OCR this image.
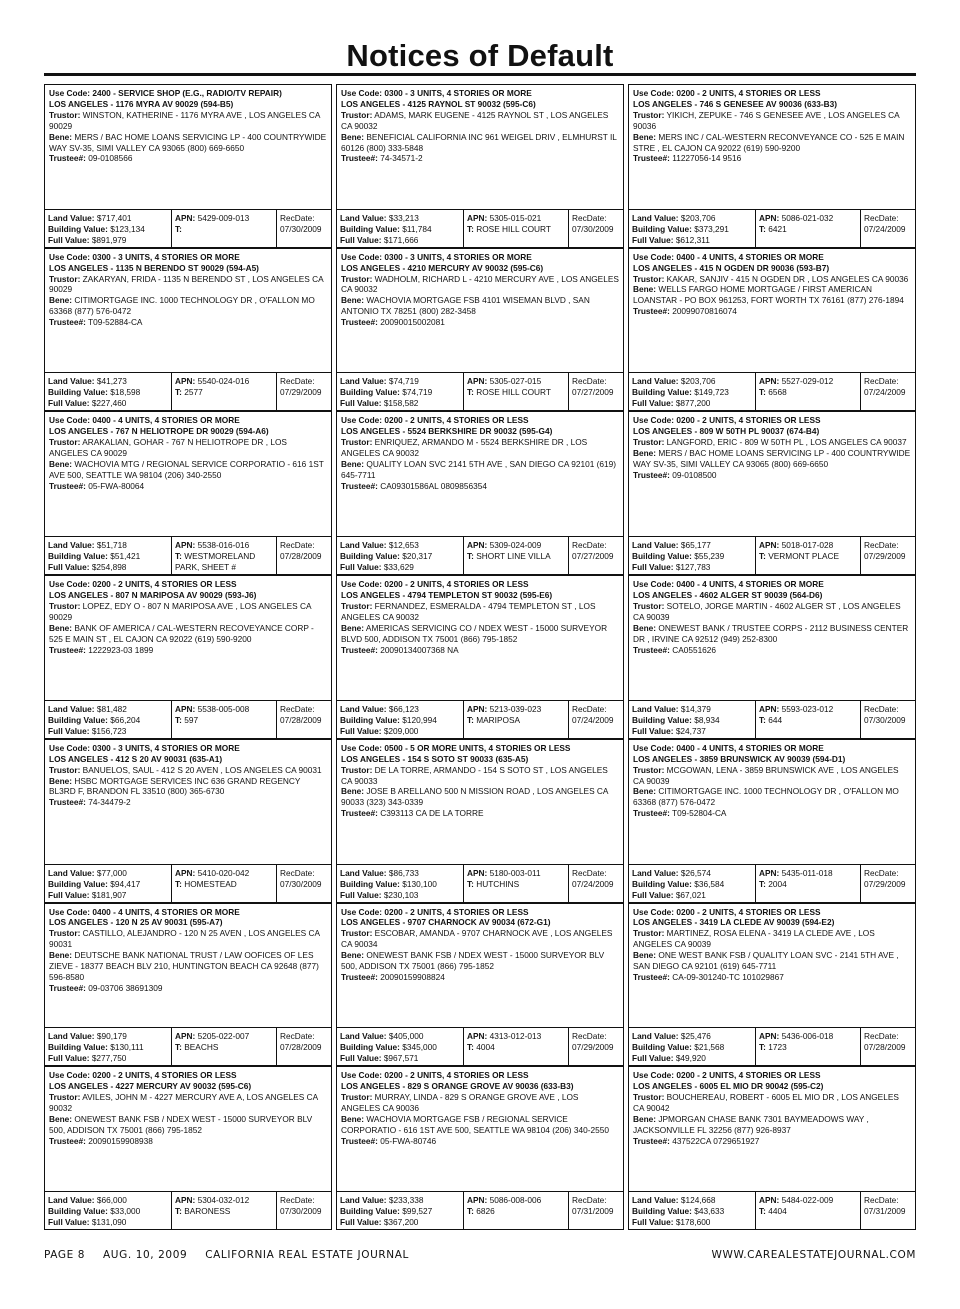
Notices of Default
Use Code: 2400 - SERVICE SHOP (E.G., RADIO/TV REPAIR)
LOS ANGELES - 1176 MYRA AV 90029 (594-B5)
Trustor: WINSTON, KATHERINE - 1176 MYRA AVE , LOS ANGELES CA 90029
Bene: MERS / BAC HOME LOANS SERVICING LP - 400 COUNTRYWIDE WAY SV-35, SIMI VALLEY CA 93065 (800) 669-6650
Trustee#: 09-0108566
Land Value: $717,401
Building Value: $123,134
Full Value: $891,979
APN: 5429-009-013
T:
RecDate:
07/30/2009
Use Code: 0300 - 3 UNITS, 4 STORIES OR MORE
LOS ANGELES - 4125 RAYNOL ST 90032 (595-C6)
Trustor: ADAMS, MARK EUGENE - 4125 RAYNOL ST , LOS ANGELES CA 90032
Bene: BENEFICIAL CALIFORNIA INC 961 WEIGEL DRIV , ELMHURST IL 60126 (800) 333-5848
Trustee#: 74-34571-2
Land Value: $33,213
Building Value: $11,784
Full Value: $171,666
APN: 5305-015-021
T: ROSE HILL COURT
RecDate:
07/30/2009
Use Code: 0200 - 2 UNITS, 4 STORIES OR LESS
LOS ANGELES - 746 S GENESEE AV 90036 (633-B3)
Trustor: YIKICH, ZEPUKE - 746 S GENESEE AVE , LOS ANGELES CA 90036
Bene: MERS INC / CAL-WESTERN RECONVEYANCE CO - 525 E MAIN STRE , EL CAJON CA 92022 (619) 590-9200
Trustee#: 11227056-14 9516
Land Value: $203,706
Building Value: $373,291
Full Value: $612,311
APN: 5086-021-032
T: 6421
RecDate:
07/24/2009
Use Code: 0300 - 3 UNITS, 4 STORIES OR MORE
LOS ANGELES - 1135 N BERENDO ST 90029 (594-A5)
Trustor: ZAKARYAN, FRIDA - 1135 N BERENDO ST , LOS ANGELES CA 90029
Bene: CITIMORTGAGE INC. 1000 TECHNOLOGY DR , O'FALLON MO 63368 (877) 576-0472
Trustee#: T09-52884-CA
Land Value: $41,273
Building Value: $18,598
Full Value: $227,460
APN: 5540-024-016
T: 2577
RecDate:
07/29/2009
Use Code: 0300 - 3 UNITS, 4 STORIES OR MORE
LOS ANGELES - 4210 MERCURY AV 90032 (595-C6)
Trustor: WADHOLM, RICHARD L - 4210 MERCURY AVE , LOS ANGELES CA 90032
Bene: WACHOVIA MORTGAGE FSB 4101 WISEMAN BLVD , SAN ANTONIO TX 78251 (800) 282-3458
Trustee#: 20090015002081
Land Value: $74,719
Building Value: $74,719
Full Value: $158,582
APN: 5305-027-015
T: ROSE HILL COURT
RecDate:
07/27/2009
Use Code: 0400 - 4 UNITS, 4 STORIES OR MORE
LOS ANGELES - 415 N OGDEN DR 90036 (593-B7)
Trustor: KAKAR, SANJIV - 415 N OGDEN DR , LOS ANGELES CA 90036
Bene: WELLS FARGO HOME MORTGAGE / FIRST AMERICAN LOANSTAR - PO BOX 961253, FORT WORTH TX 76161 (877) 276-1894
Trustee#: 20099070816074
Land Value: $203,706
Building Value: $149,723
Full Value: $877,200
APN: 5527-029-012
T: 6568
RecDate:
07/24/2009
Use Code: 0400 - 4 UNITS, 4 STORIES OR MORE
LOS ANGELES - 767 N HELIOTROPE DR 90029 (594-A6)
Trustor: ARAKALIAN, GOHAR - 767 N HELIOTROPE DR , LOS ANGELES CA 90029
Bene: WACHOVIA MTG / REGIONAL SERVICE CORPORATIO - 616 1ST AVE 500, SEATTLE WA 98104 (206) 340-2550
Trustee#: 05-FWA-80064
Land Value: $51,718
Building Value: $51,421
Full Value: $254,898
APN: 5538-016-016
T: WESTMORELAND PARK, SHEET #
RecDate:
07/28/2009
Use Code: 0200 - 2 UNITS, 4 STORIES OR LESS
LOS ANGELES - 5524 BERKSHIRE DR 90032 (595-G4)
Trustor: ENRIQUEZ, ARMANDO M - 5524 BERKSHIRE DR , LOS ANGELES CA 90032
Bene: QUALITY LOAN SVC 2141 5TH AVE , SAN DIEGO CA 92101 (619) 645-7711
Trustee#: CA09301586AL 0809856354
Land Value: $12,653
Building Value: $20,317
Full Value: $33,629
APN: 5309-024-009
T: SHORT LINE VILLA
RecDate:
07/27/2009
Use Code: 0200 - 2 UNITS, 4 STORIES OR LESS
LOS ANGELES - 809 W 50TH PL 90037 (674-B4)
Trustor: LANGFORD, ERIC - 809 W 50TH PL , LOS ANGELES CA 90037
Bene: MERS / BAC HOME LOANS SERVICING LP - 400 COUNTRYWIDE WAY SV-35, SIMI VALLEY CA 93065 (800) 669-6650
Trustee#: 09-0108500
Land Value: $65,177
Building Value: $55,239
Full Value: $127,783
APN: 5018-017-028
T: VERMONT PLACE
RecDate:
07/29/2009
Use Code: 0200 - 2 UNITS, 4 STORIES OR LESS
LOS ANGELES - 807 N MARIPOSA AV 90029 (593-J6)
Trustor: LOPEZ, EDY O - 807 N MARIPOSA AVE , LOS ANGELES CA 90029
Bene: BANK OF AMERICA / CAL-WESTERN RECOVEYANCE CORP - 525 E MAIN ST , EL CAJON CA 92022 (619) 590-9200
Trustee#: 1222923-03 1899
Land Value: $81,482
Building Value: $66,204
Full Value: $156,723
APN: 5538-005-008
T: 597
RecDate:
07/28/2009
Use Code: 0200 - 2 UNITS, 4 STORIES OR LESS
LOS ANGELES - 4794 TEMPLETON ST 90032 (595-E6)
Trustor: FERNANDEZ, ESMERALDA - 4794 TEMPLETON ST , LOS ANGELES CA 90032
Bene: AMERICAS SERVICING CO / NDEX WEST - 15000 SURVEYOR BLVD 500, ADDISON TX 75001 (866) 795-1852
Trustee#: 20090134007368 NA
Land Value: $66,123
Building Value: $120,994
Full Value: $209,000
APN: 5213-039-023
T: MARIPOSA
RecDate:
07/24/2009
Use Code: 0400 - 4 UNITS, 4 STORIES OR MORE
LOS ANGELES - 4602 ALGER ST 90039 (564-D6)
Trustor: SOTELO, JORGE MARTIN - 4602 ALGER ST , LOS ANGELES CA 90039
Bene: ONEWEST BANK / TRUSTEE CORPS - 2112 BUSINESS CENTER DR , IRVINE CA 92512 (949) 252-8300
Trustee#: CA0551626
Land Value: $14,379
Building Value: $8,934
Full Value: $24,737
APN: 5593-023-012
T: 644
RecDate:
07/30/2009
Use Code: 0300 - 3 UNITS, 4 STORIES OR MORE
LOS ANGELES - 412 S 20 AV 90031 (635-A1)
Trustor: BANUELOS, SAUL - 412 S 20 AVEN , LOS ANGELES CA 90031
Bene: HSBC MORTGAGE SERVICES INC 636 GRAND REGENCY BL3RD F, BRANDON FL 33510 (800) 365-6730
Trustee#: 74-34479-2
Land Value: $77,000
Building Value: $94,417
Full Value: $181,907
APN: 5410-020-042
T: HOMESTEAD
RecDate:
07/30/2009
Use Code: 0500 - 5 OR MORE UNITS, 4 STORIES OR LESS
LOS ANGELES - 154 S SOTO ST 90033 (635-A5)
Trustor: DE LA TORRE, ARMANDO - 154 S SOTO ST , LOS ANGELES CA 90033
Bene: JOSE B ARELLANO 500 N MISSION ROAD , LOS ANGELES CA 90033 (323) 343-0339
Trustee#: C393113 CA DE LA TORRE
Land Value: $86,733
Building Value: $130,100
Full Value: $230,103
APN: 5180-003-011
T: HUTCHINS
RecDate:
07/24/2009
Use Code: 0400 - 4 UNITS, 4 STORIES OR MORE
LOS ANGELES - 3859 BRUNSWICK AV 90039 (594-D1)
Trustor: MCGOWAN, LENA - 3859 BRUNSWICK AVE , LOS ANGELES CA 90039
Bene: CITIMORTGAGE INC. 1000 TECHNOLOGY DR , O'FALLON MO 63368 (877) 576-0472
Trustee#: T09-52804-CA
Land Value: $26,574
Building Value: $36,584
Full Value: $67,021
APN: 5435-011-018
T: 2004
RecDate:
07/29/2009
Use Code: 0400 - 4 UNITS, 4 STORIES OR MORE
LOS ANGELES - 120 N 25 AV 90031 (595-A7)
Trustor: CASTILLO, ALEJANDRO - 120 N 25 AVEN , LOS ANGELES CA 90031
Bene: DEUTSCHE BANK NATIONAL TRUST / LAW OOFICES OF LES ZIEVE - 18377 BEACH BLV 210, HUNTINGTON BEACH CA 92648 (877) 596-8580
Trustee#: 09-03706 38691309
Land Value: $90,179
Building Value: $130,111
Full Value: $277,750
APN: 5205-022-007
T: BEACHS
RecDate:
07/28/2009
Use Code: 0200 - 2 UNITS, 4 STORIES OR LESS
LOS ANGELES - 9707 CHARNOCK AV 90034 (672-G1)
Trustor: ESCOBAR, AMANDA - 9707 CHARNOCK AVE , LOS ANGELES CA 90034
Bene: ONEWEST BANK FSB / NDEX WEST - 15000 SURVEYOR BLV 500, ADDISON TX 75001 (866) 795-1852
Trustee#: 20090159908824
Land Value: $405,000
Building Value: $345,000
Full Value: $967,571
APN: 4313-012-013
T: 4004
RecDate:
07/29/2009
Use Code: 0200 - 2 UNITS, 4 STORIES OR LESS
LOS ANGELES - 3419 LA CLEDE AV 90039 (594-E2)
Trustor: MARTINEZ, ROSA ELENA - 3419 LA CLEDE AVE , LOS ANGELES CA 90039
Bene: ONE WEST BANK FSB / QUALITY LOAN SVC - 2141 5TH AVE , SAN DIEGO CA 92101 (619) 645-7711
Trustee#: CA-09-301240-TC 101029867
Land Value: $25,476
Building Value: $21,568
Full Value: $49,920
APN: 5436-006-018
T: 1723
RecDate:
07/28/2009
Use Code: 0200 - 2 UNITS, 4 STORIES OR LESS
LOS ANGELES - 4227 MERCURY AV 90032 (595-C6)
Trustor: AVILES, JOHN M - 4227 MERCURY AVE A, LOS ANGELES CA 90032
Bene: ONEWEST BANK FSB / NDEX WEST - 15000 SURVEYOR BLV 500, ADDISON TX 75001 (866) 795-1852
Trustee#: 20090159908938
Land Value: $66,000
Building Value: $33,000
Full Value: $131,090
APN: 5304-032-012
T: BARONESS
RecDate:
07/30/2009
Use Code: 0200 - 2 UNITS, 4 STORIES OR LESS
LOS ANGELES - 829 S ORANGE GROVE AV 90036 (633-B3)
Trustor: MURRAY, LINDA - 829 S ORANGE GROVE AVE , LOS ANGELES CA 90036
Bene: WACHOVIA MORTGAGE FSB / REGIONAL SERVICE CORPORATIO - 616 1ST AVE 500, SEATTLE WA 98104 (206) 340-2550
Trustee#: 05-FWA-80746
Land Value: $233,338
Building Value: $99,527
Full Value: $367,200
APN: 5086-008-006
T: 6826
RecDate:
07/31/2009
Use Code: 0200 - 2 UNITS, 4 STORIES OR LESS
LOS ANGELES - 6005 EL MIO DR 90042 (595-C2)
Trustor: BOUCHEREAU, ROBERT - 6005 EL MIO DR , LOS ANGELES CA 90042
Bene: JPMORGAN CHASE BANK 7301 BAYMEADOWS WAY , JACKSONVILLE FL 32256 (877) 926-8937
Trustee#: 437522CA 0729651927
Land Value: $124,668
Building Value: $43,633
Full Value: $178,600
APN: 5484-022-009
T: 4404
RecDate:
07/31/2009
PAGE 8 AUG. 10, 2009 CALIFORNIA REAL ESTATE JOURNAL	WWW.CAREALESTATEJOURNAL.COM
